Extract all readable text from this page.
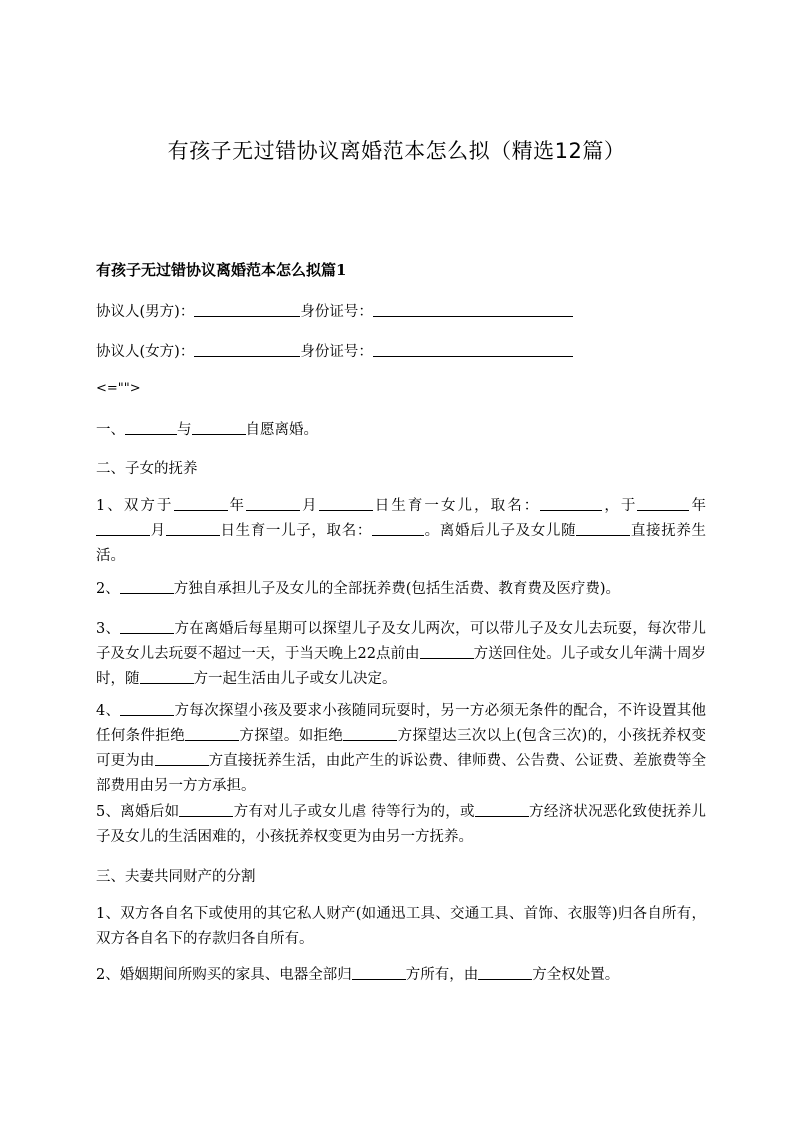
有孩子无过错协议离婚范本怎么拟（精选12篇）
有孩子无过错协议离婚范本怎么拟篇1
协议人(男方)：	身份证号：
协议人(女方)：	身份证号：
<="">
一、	与	自愿离婚。
二、子女的抚养
1、双方于	年	月	日生育一女儿，取名：	，于	年月	日生育一儿子，取名：	。离婚后儿子及女儿随	直接抚养生活。
2、	方独自承担儿子及女儿的全部抚养费(包括生活费、教育费及医疗费)。
3、	方在离婚后每星期可以探望儿子及女儿两次，可以带儿子及女儿去玩耍，每次带儿子及女儿去玩耍不超过一天，于当天晚上22点前由	方送回住处。儿子或女儿年满十周岁时，随	方一起生活由儿子或女儿决定。
4、	方每次探望小孩及要求小孩随同玩耍时，另一方必须无条件的配合，不许设置其他任何条件拒绝	方探望。如拒绝	方探望达三次以上(包含三次)的，小孩抚养权变可更为由	方直接抚养生活，由此产生的诉讼费、律师费、公告费、公证费、差旅费等全部费用由另一方方承担。
5、离婚后如	方有对儿子或女儿虐 待等行为的，或	方经济状况恶化致使抚养儿子及女儿的生活困难的，小孩抚养权变更为由另一方抚养。
三、夫妻共同财产的分割
1、双方各自名下或使用的其它私人财产(如通迅工具、交通工具、首饰、衣服等)归各自所有，双方各自名下的存款归各自所有。
2、婚姻期间所购买的家具、电器全部归	方所有，由	方全权处置。
